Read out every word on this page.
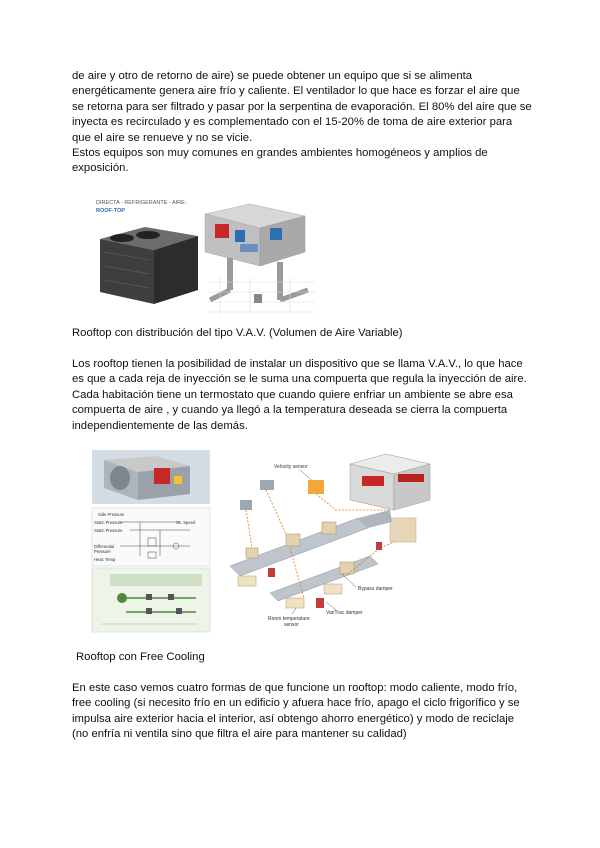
de aire y otro de retorno de aire) se puede obtener un equipo que si se alimenta energéticamente genera aire frío y caliente. El ventilador lo que hace es forzar el aire que se retorna para ser filtrado y pasar por la serpentina de evaporación. El 80% del aire que se inyecta es recirculado y es complementado con el 15-20% de toma de aire exterior para que el aire se renueve y no se vicie.

Estos equipos son muy comunes en grandes ambientes homogéneos y amplios de exposición.

DIRECTA - REFRIGERANTE - AIRE-
ROOF-TOP

Rooftop con distribución del tipo V.A.V. (Volumen de Aire Variable)

Los rooftop tienen la posibilidad de instalar un dispositivo que se llama V.A.V., lo que hace es que a cada reja de inyección se le suma una compuerta que regula la inyección de aire. Cada habitación tiene un termostato que cuando quiere enfriar un ambiente se abre esa compuerta de aire , y cuando ya llegó a la temperatura deseada se cierra la compuerta independientemente de las demás.

Side Pressure
Static Pressure
Static Pressure
Ss. Speed
Differential
Pressure
Heat: Temp
Velocity sensor
Bypass damper
VariTrac damper
Room temperature
sensor

Rooftop con Free Cooling

En este caso vemos cuatro formas de que funcione un rooftop: modo caliente, modo frío, free cooling (si necesito frío en un edificio y afuera hace frío, apago el ciclo frigorífico y se impulsa aire exterior hacia el interior, así obtengo ahorro energético) y modo de reciclaje (no enfría ni ventila sino que filtra el aire para mantener su calidad)
